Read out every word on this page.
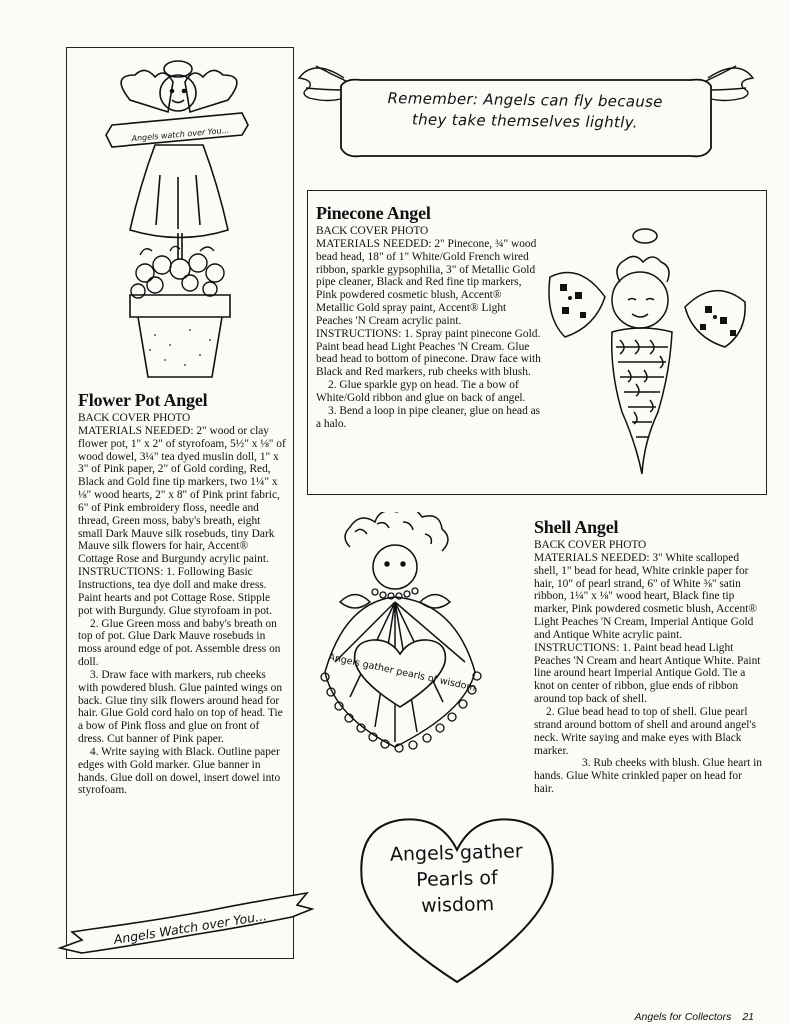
Angels watch over You...
Flower Pot Angel

BACK COVER PHOTO

MATERIALS NEEDED: 2" wood or clay flower pot, 1" x 2" of styrofoam, 5½" x ⅛" of wood dowel, 3¼" tea dyed muslin doll, 1" x 3" of Pink paper, 2" of Gold cording, Red, Black and Gold fine tip markers, two 1¼" x ⅛" wood hearts, 2" x 8" of Pink print fabric, 6" of Pink embroidery floss, needle and thread, Green moss, baby's breath, eight small Dark Mauve silk rosebuds, tiny Dark Mauve silk flowers for hair, Accent® Cottage Rose and Burgundy acrylic paint.

INSTRUCTIONS: 1. Following Basic Instructions, tea dye doll and make dress. Paint hearts and pot Cottage Rose. Stipple pot with Burgundy. Glue styrofoam in pot.

2. Glue Green moss and baby's breath on top of pot. Glue Dark Mauve rosebuds in moss around edge of pot. Assemble dress on doll.

3. Draw face with markers, rub cheeks with powdered blush. Glue painted wings on back. Glue tiny silk flowers around head for hair. Glue Gold cord halo on top of head. Tie a bow of Pink floss and glue on front of dress. Cut banner of Pink paper.

4. Write saying with Black. Outline paper edges with Gold marker. Glue banner in hands. Glue doll on dowel, insert dowel into styrofoam.

Angels Watch over You...
Remember: Angels can fly because
they take themselves lightly.
Pinecone Angel

BACK COVER PHOTO

MATERIALS NEEDED: 2" Pinecone, ¾" wood bead head, 18" of 1" White/Gold French wired ribbon, sparkle gypsophilia, 3" of Metallic Gold pipe cleaner, Black and Red fine tip markers, Pink powdered cosmetic blush, Accent® Metallic Gold spray paint, Accent® Light Peaches 'N Cream acrylic paint.

INSTRUCTIONS: 1. Spray paint pinecone Gold. Paint bead head Light Peaches 'N Cream. Glue bead head to bottom of pinecone. Draw face with Black and Red markers, rub cheeks with blush.

2. Glue sparkle gyp on head. Tie a bow of White/Gold ribbon and glue on back of angel.

3. Bend a loop in pipe cleaner, glue on head as a halo.

Angels gather pearls of wisdom
Shell Angel

BACK COVER PHOTO

MATERIALS NEEDED: 3" White scalloped shell, 1" bead for head, White crinkle paper for hair, 10" of pearl strand, 6" of White ⅜" satin ribbon, 1¼" x ⅛" wood heart, Black fine tip marker, Pink powdered cosmetic blush, Accent® Light Peaches 'N Cream, Imperial Antique Gold and Antique White acrylic paint.

INSTRUCTIONS: 1. Paint bead head Light Peaches 'N Cream and heart Antique White. Paint line around heart Imperial Antique Gold. Tie a knot on center of ribbon, glue ends of ribbon around top back of shell.

2. Glue bead head to top of shell. Glue pearl strand around bottom of shell and around angel's neck. Write saying and make eyes with Black marker.

3. Rub cheeks with blush. Glue heart in hands. Glue White crinkled paper on head for hair.

Angels gather
Pearls of
wisdom
Angels for Collectors 21
